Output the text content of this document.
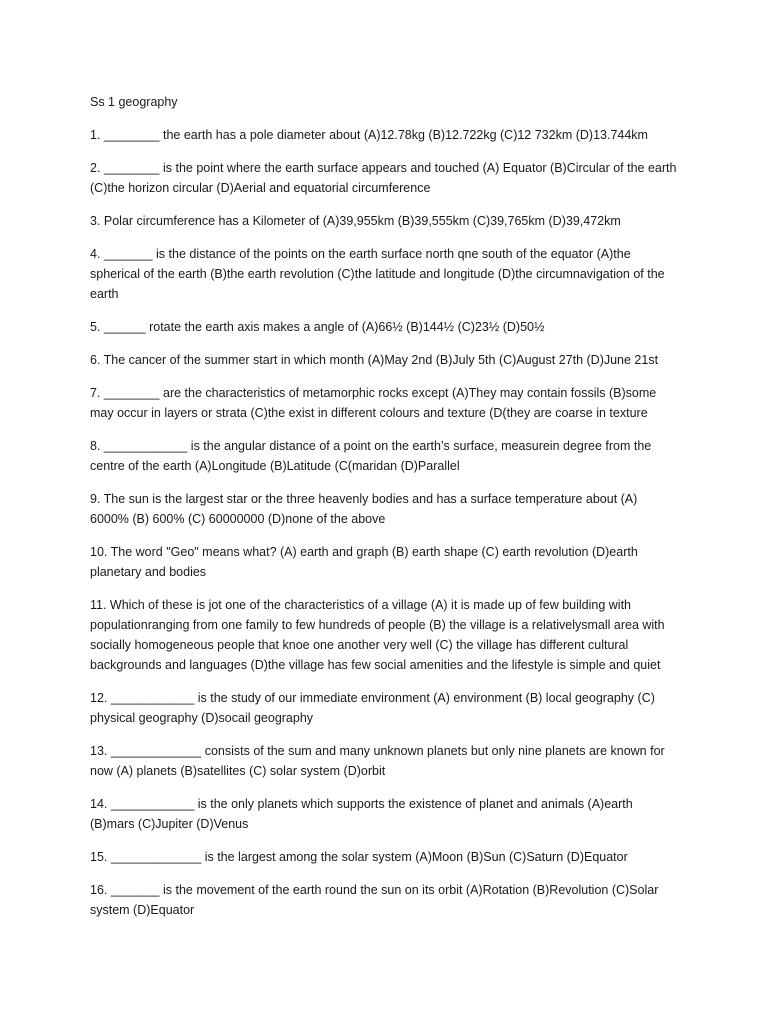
Ss 1 geography

1. ________ the earth has a pole diameter about (A)12.78kg (B)12.722kg (C)12 732km (D)13.744km

2. ________ is the point where the earth surface appears and touched (A) Equator (B)Circular of the earth (C)the horizon circular (D)Aerial and equatorial circumference

3. Polar circumference has a Kilometer of (A)39,955km (B)39,555km (C)39,765km (D)39,472km

4. _______ is the distance of the points on the earth surface north qne south of the equator (A)the spherical of the earth (B)the earth revolution (C)the latitude and longitude (D)the circumnavigation of the earth

5. ______ rotate the earth axis makes a angle of (A)66½ (B)144½ (C)23½ (D)50½

6. The cancer of the summer start in which month (A)May 2nd (B)July 5th (C)August 27th (D)June 21st

7. ________ are the characteristics of metamorphic rocks except (A)They may contain fossils (B)some may occur in layers or strata (C)the exist in different colours and texture (D(they are coarse in texture

8. ____________ is the angular distance of a point on the earth’s surface, measurein degree from the centre of the earth (A)Longitude (B)Latitude (C(maridan (D)Parallel

9. The sun is the largest star or the three heavenly bodies and has a surface temperature about (A) 6000% (B) 600% (C) 60000000 (D)none of the above

10. The word "Geo" means what? (A) earth and graph (B) earth shape (C) earth revolution (D)earth planetary and bodies

11. Which of these is jot one of the characteristics of a village (A) it is made up of few building with populationranging from one family to few hundreds of people (B) the village is a relativelysmall area with socially homogeneous people that knoe one another very well (C) the village has different cultural backgrounds and languages (D)the village has few social amenities and the lifestyle is simple and quiet

12. ____________ is the study of our immediate environment (A) environment (B) local geography (C) physical geography (D)socail geography

13. _____________ consists of the sum and many unknown planets but only nine planets are known for now (A) planets (B)satellites (C) solar system (D)orbit

14. ____________ is the only planets which supports the existence of planet and animals (A)earth (B)mars (C)Jupiter (D)Venus

15. _____________ is the largest among the solar system (A)Moon (B)Sun (C)Saturn (D)Equator

16. _______ is the movement of the earth round the sun on its orbit (A)Rotation (B)Revolution (C)Solar system (D)Equator
